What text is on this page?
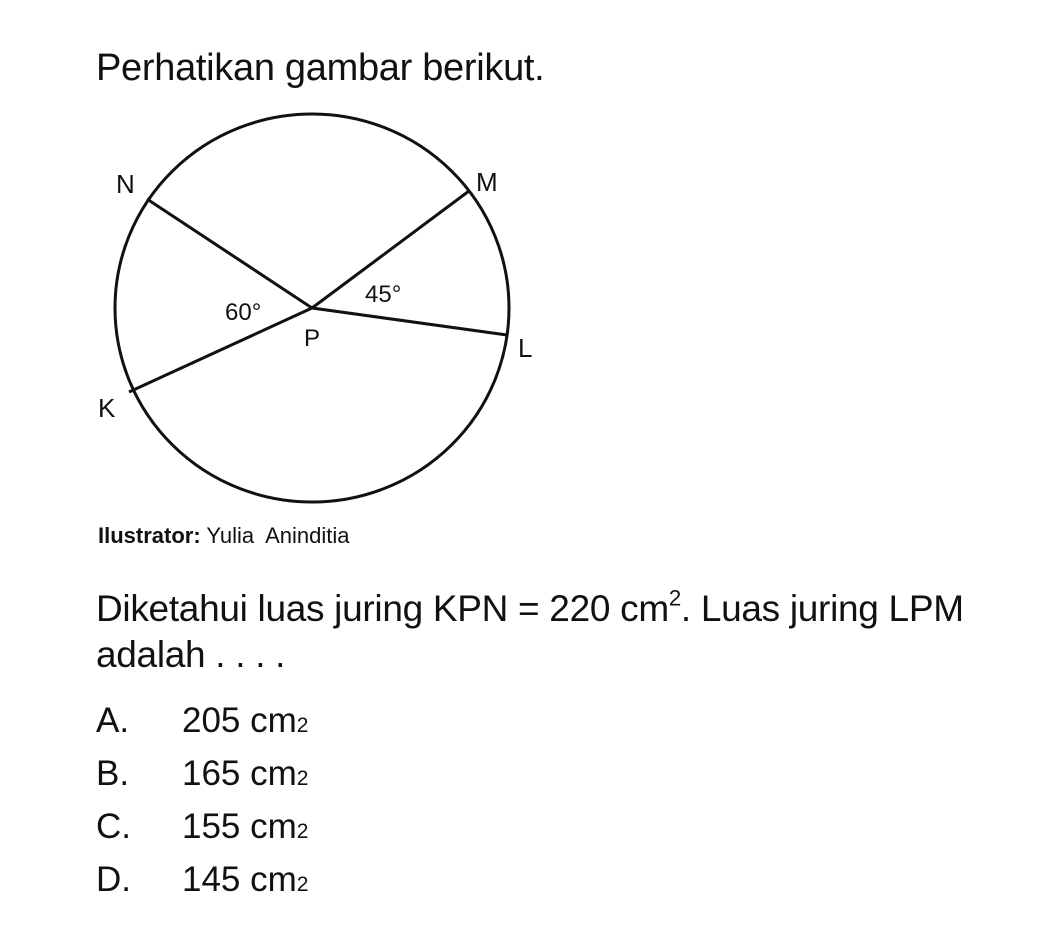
Perhatikan gambar berikut.
N	M
L
K
P
60°
45°
Ilustrator: Yulia  Aninditia
Diketahui luas juring KPN = 220 $cm^2$. Luas juring LPM adalah . . . .
A.	205 cm 2
B.	165 cm 2
C.	155 cm 2
D.	145 cm 2
